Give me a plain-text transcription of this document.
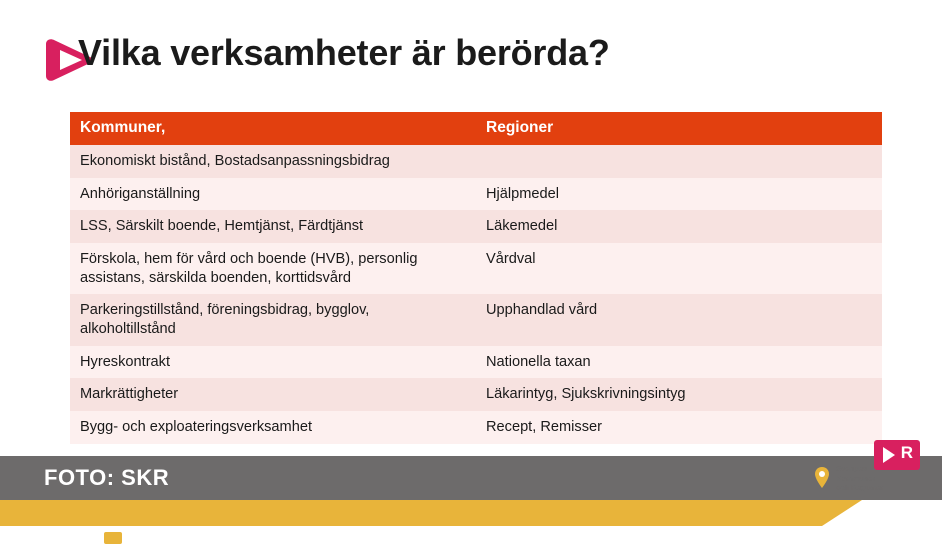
Vilka verksamheter är berörda?
Kommuner,	Regioner
Ekonomiskt bistånd, Bostadsanpassningsbidrag	
Anhöriganställning	Hjälpmedel
LSS, Särskilt boende, Hemtjänst, Färdtjänst	Läkemedel
Förskola, hem för vård och boende (HVB), personlig assistans, särskilda boenden, korttidsvård	Vårdval
Parkeringstillstånd, föreningsbidrag, bygglov, alkoholtillstånd	Upphandlad vård
Hyreskontrakt	Nationella taxan
Markrättigheter	Läkarintyg, Sjukskrivningsintyg
Bygg- och exploateringsverksamhet	Recept, Remisser
FOTO: SKR
R
Sveriges
Kommuner
och Regioner
